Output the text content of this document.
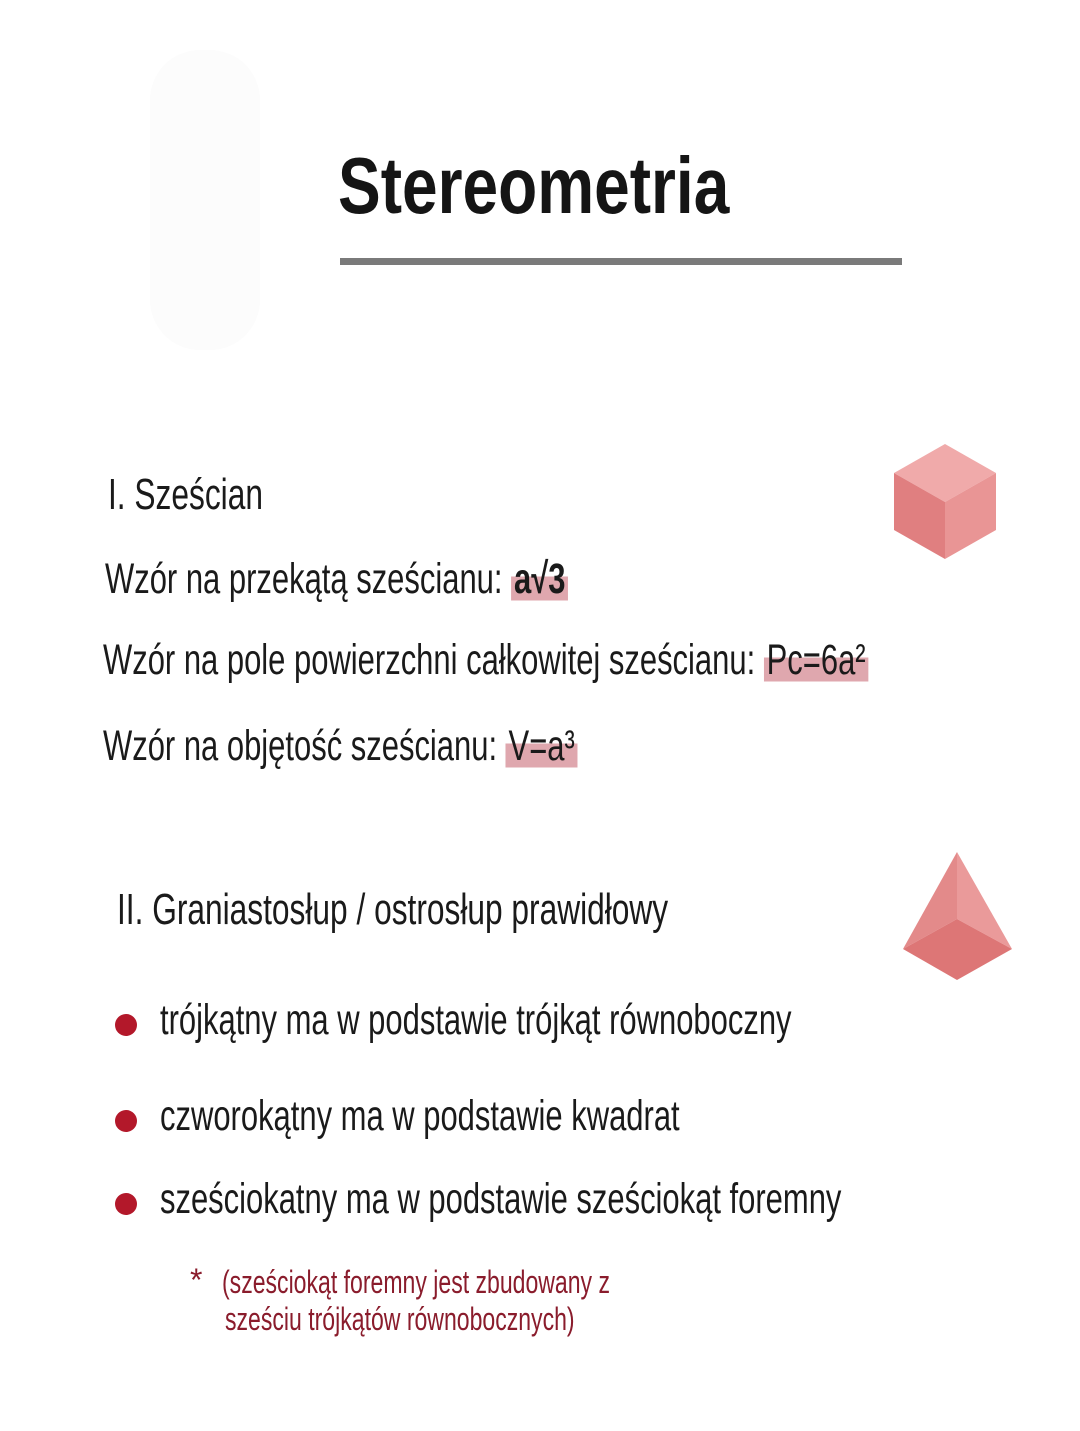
Stereometria
I. Sześcian
Wzór na przekątą sześcianu: a√3
Wzór na pole powierzchni całkowitej sześcianu: Pc=6a²
Wzór na objętość sześcianu: V=a³
II. Graniastosłup / ostrosłup prawidłowy
trójkątny ma w podstawie trójkąt równoboczny
czworokątny ma w podstawie kwadrat
sześciokatny ma w podstawie sześciokąt foremny
* (sześciokąt foremny jest zbudowany z
sześciu trójkątów równobocznych)
